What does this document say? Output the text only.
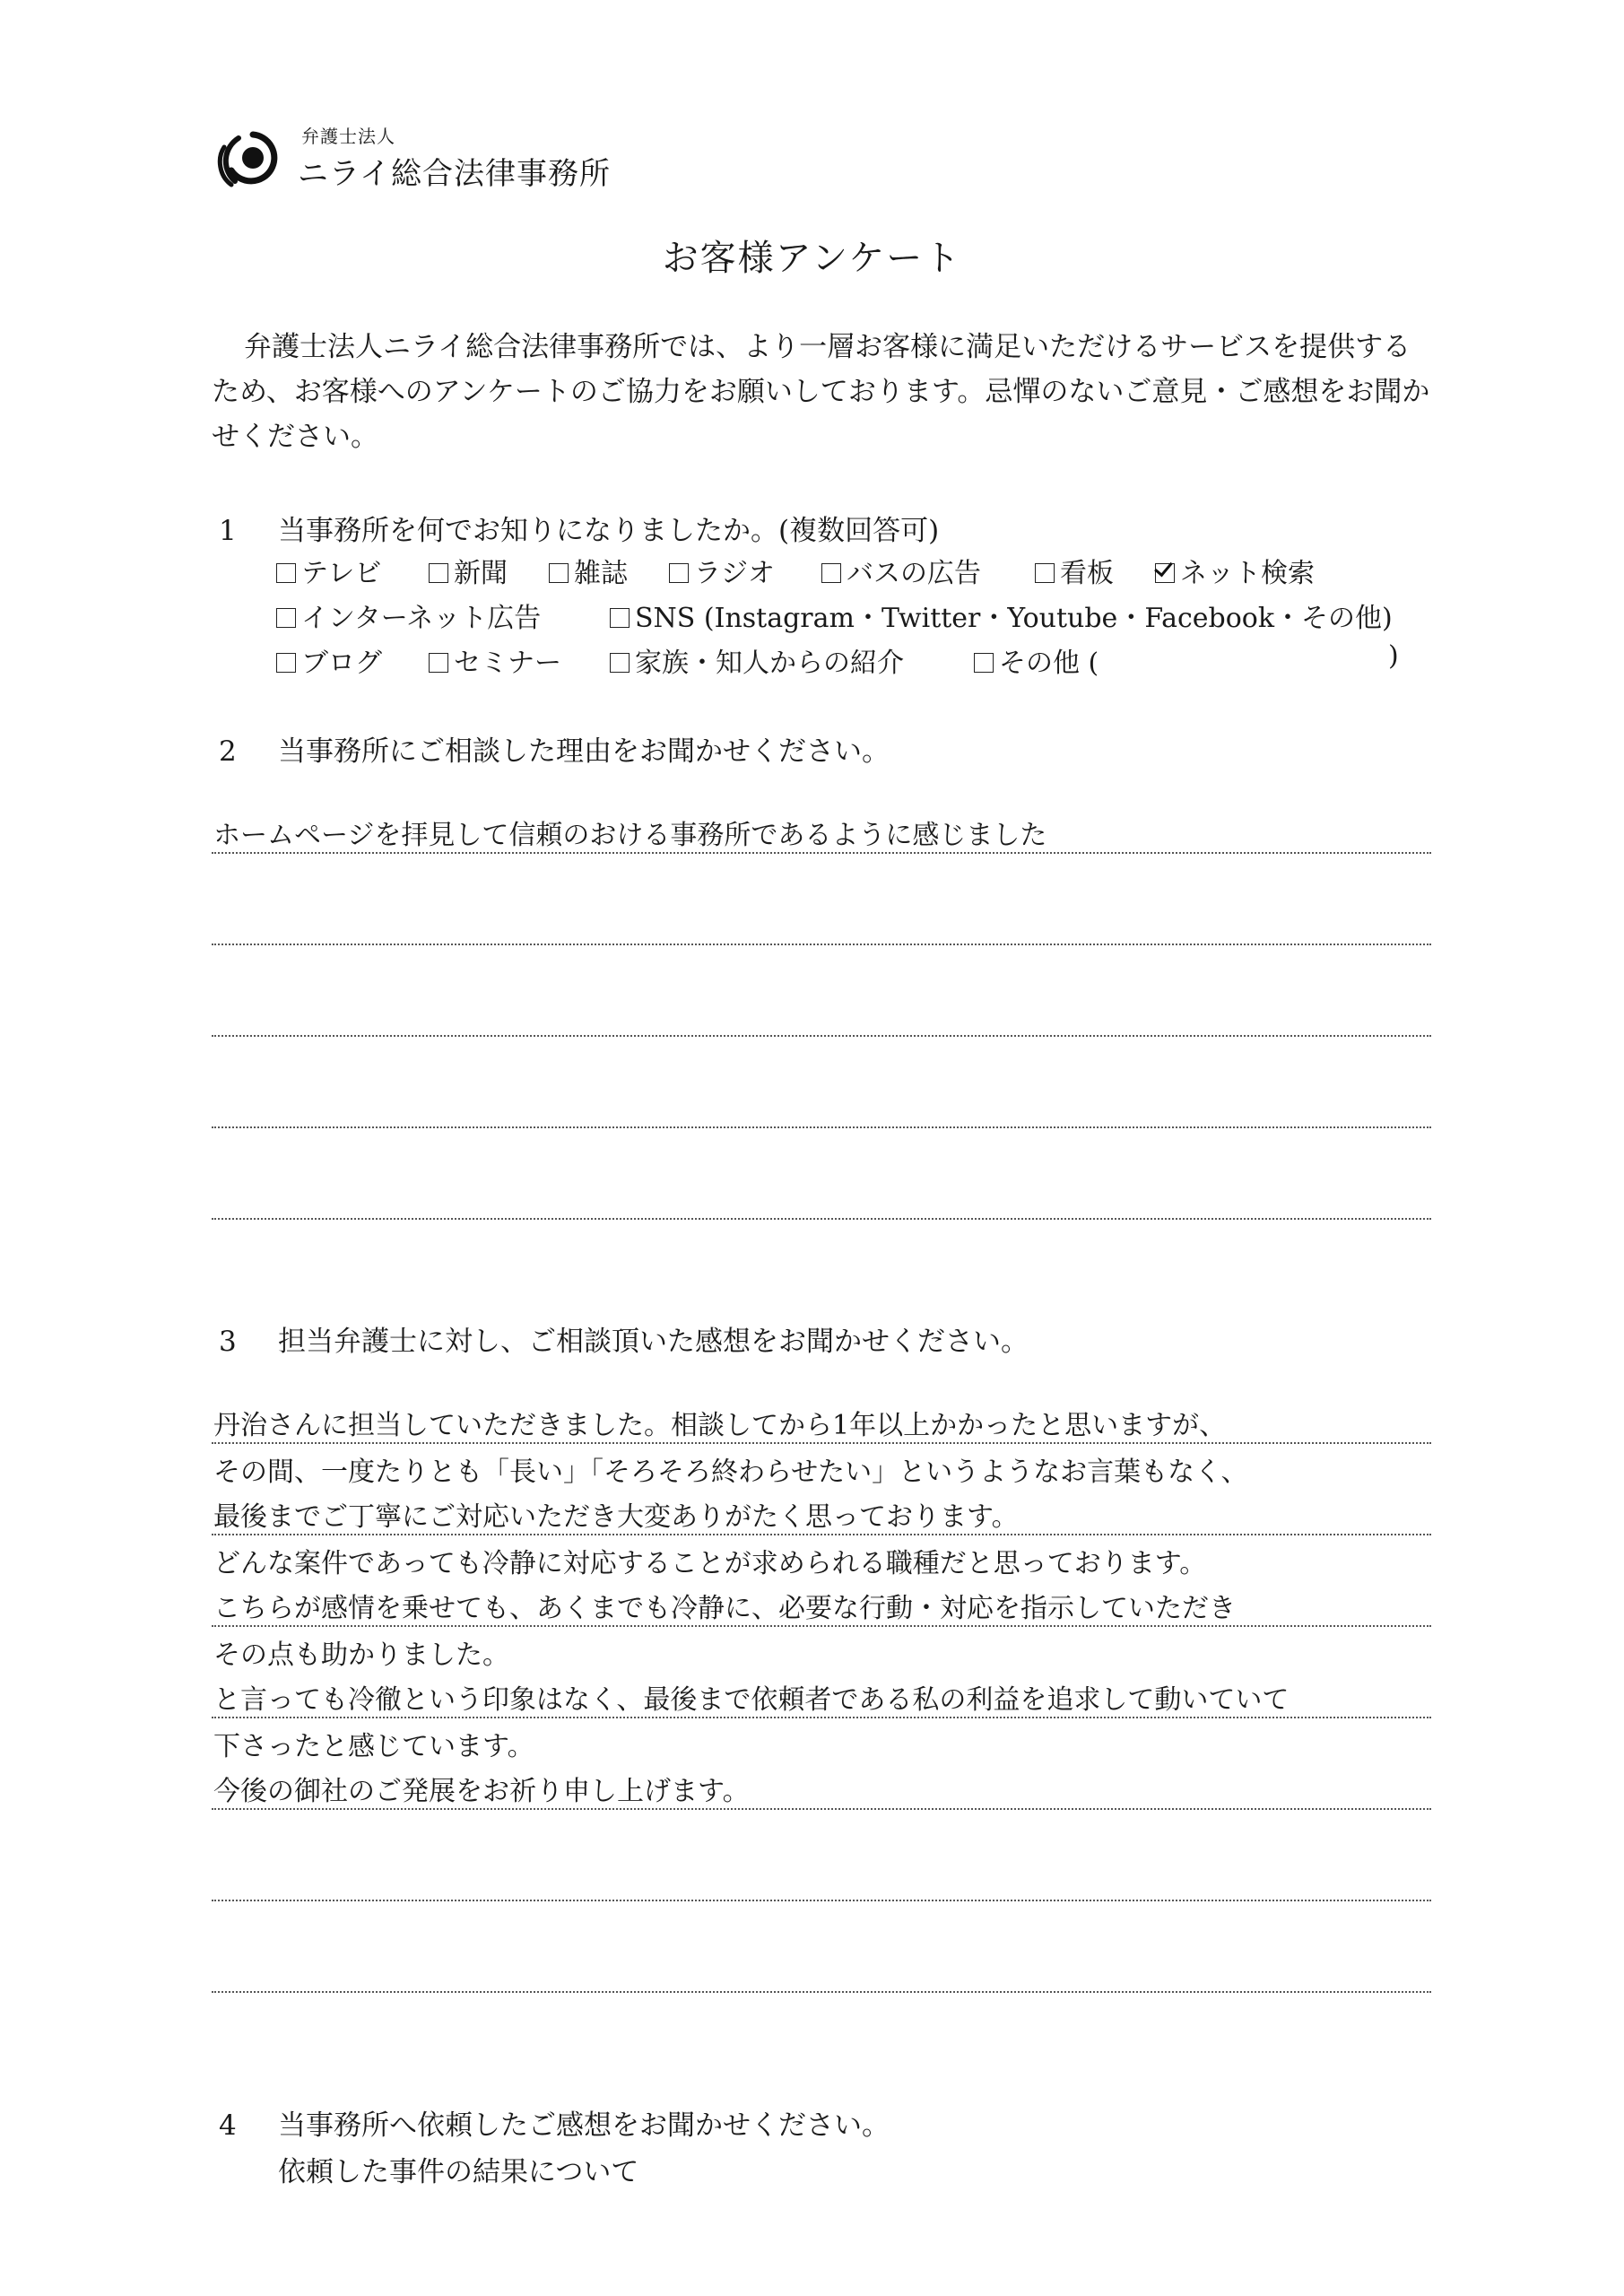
弁護士法人
ニライ総合法律事務所
お客様アンケート

弁護士法人ニライ総合法律事務所では、より一層お客様に満足いただけるサービスを提供するため、お客様へのアンケートのご協力をお願いしております。忌憚のないご意見・ご感想をお聞かせください。

1 当事務所を何でお知りになりましたか。(複数回答可)
テレビ	新聞	雑誌	ラジオ	バスの広告	看板	ネット検索
インターネット広告	SNS (Instagram・Twitter・Youtube・Facebook・その他)
ブログ	セミナー	家族・知人からの紹介	その他 (	)
2 当事務所にご相談した理由をお聞かせください。
ホームページを拝見して信頼のおける事務所であるように感じました
3 担当弁護士に対し、ご相談頂いた感想をお聞かせください。
丹治さんに担当していただきました。相談してから1年以上かかったと思いますが、
その間、一度たりとも「長い」「そろそろ終わらせたい」というようなお言葉もなく、
最後までご丁寧にご対応いただき大変ありがたく思っております。
どんな案件であっても冷静に対応することが求められる職種だと思っております。
こちらが感情を乗せても、あくまでも冷静に、必要な行動・対応を指示していただき
その点も助かりました。
と言っても冷徹という印象はなく、最後まで依頼者である私の利益を追求して動いていて
下さったと感じています。
今後の御社のご発展をお祈り申し上げます。
4 当事務所へ依頼したご感想をお聞かせください。
依頼した事件の結果について
